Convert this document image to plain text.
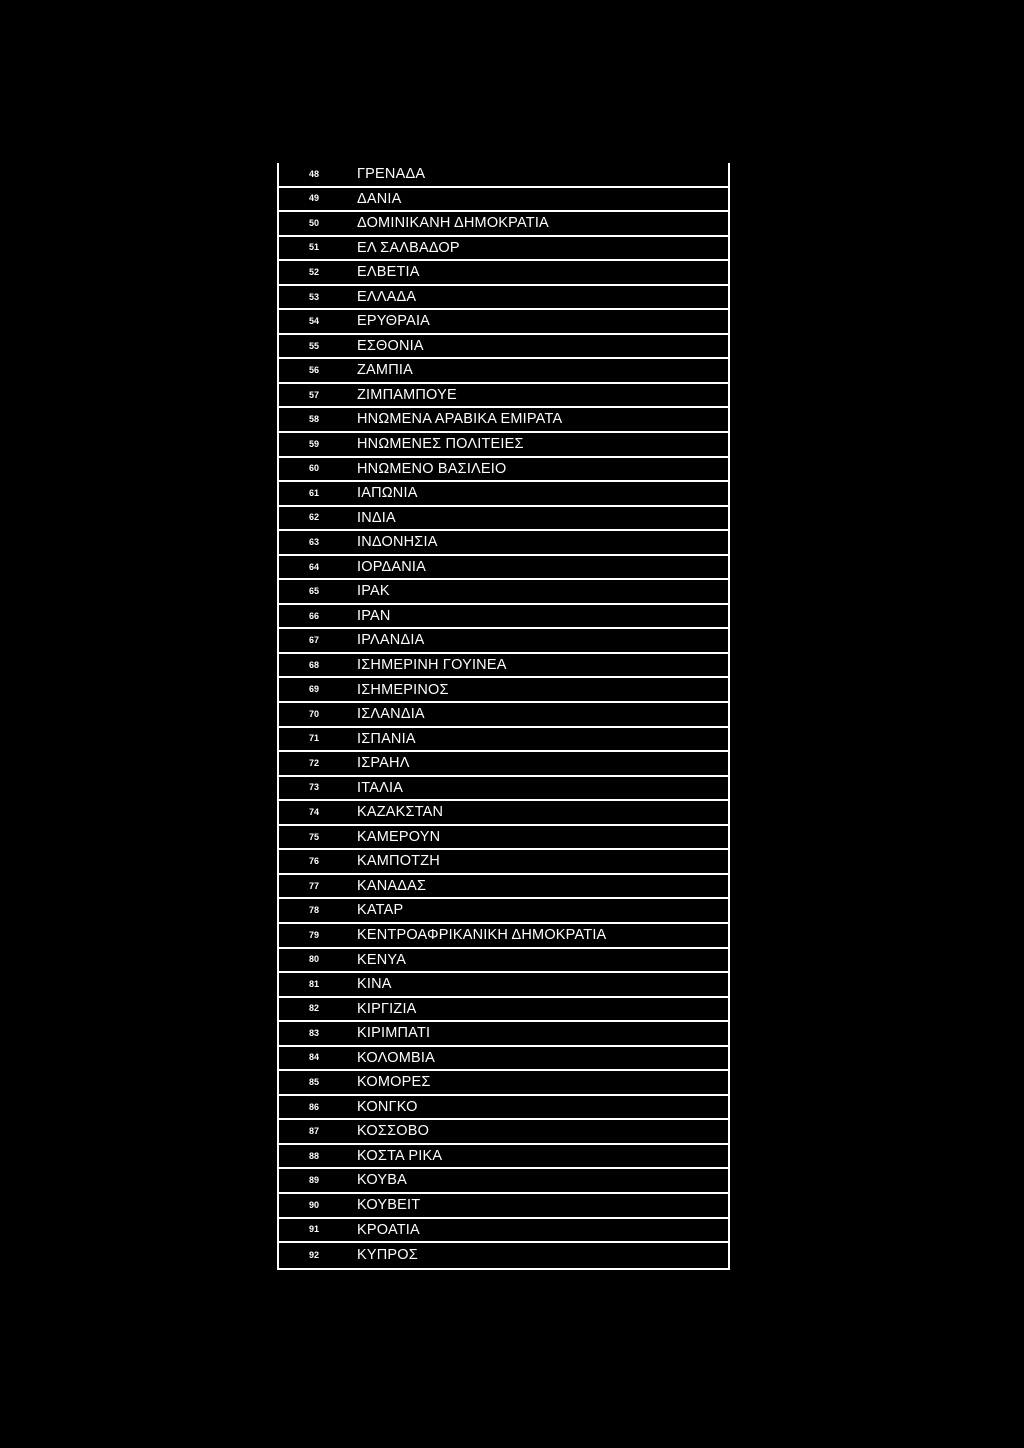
48	ΓΡΕΝΑΔΑ
49	ΔΑΝΙΑ
50	ΔΟΜΙΝΙΚΑΝΗ ΔΗΜΟΚΡΑΤΙΑ
51	ΕΛ ΣΑΛΒΑΔΟΡ
52	ΕΛΒΕΤΙΑ
53	ΕΛΛΑΔΑ
54	ΕΡΥΘΡΑΙΑ
55	ΕΣΘΟΝΙΑ
56	ΖΑΜΠΙΑ
57	ΖΙΜΠΑΜΠΟΥΕ
58	ΗΝΩΜΕΝΑ ΑΡΑΒΙΚΑ ΕΜΙΡΑΤΑ
59	ΗΝΩΜΕΝΕΣ ΠΟΛΙΤΕΙΕΣ
60	ΗΝΩΜΕΝΟ ΒΑΣΙΛΕΙΟ
61	ΙΑΠΩΝΙΑ
62	ΙΝΔΙΑ
63	ΙΝΔΟΝΗΣΙΑ
64	ΙΟΡΔΑΝΙΑ
65	ΙΡΑΚ
66	ΙΡΑΝ
67	ΙΡΛΑΝΔΙΑ
68	ΙΣΗΜΕΡΙΝΗ ΓΟΥΙΝΕΑ
69	ΙΣΗΜΕΡΙΝΟΣ
70	ΙΣΛΑΝΔΙΑ
71	ΙΣΠΑΝΙΑ
72	ΙΣΡΑΗΛ
73	ΙΤΑΛΙΑ
74	ΚΑΖΑΚΣΤΑΝ
75	ΚΑΜΕΡΟΥΝ
76	ΚΑΜΠΟΤΖΗ
77	ΚΑΝΑΔΑΣ
78	ΚΑΤΑΡ
79	ΚΕΝΤΡΟΑΦΡΙΚΑΝΙΚΗ ΔΗΜΟΚΡΑΤΙΑ
80	ΚΕΝΥΑ
81	ΚΙΝΑ
82	ΚΙΡΓΙΖΙΑ
83	ΚΙΡΙΜΠΑΤΙ
84	ΚΟΛΟΜΒΙΑ
85	ΚΟΜΟΡΕΣ
86	ΚΟΝΓΚΟ
87	ΚΟΣΣΟΒΟ
88	ΚΟΣΤΑ ΡΙΚΑ
89	ΚΟΥΒΑ
90	ΚΟΥΒΕΙΤ
91	ΚΡΟΑΤΙΑ
92	ΚΥΠΡΟΣ
